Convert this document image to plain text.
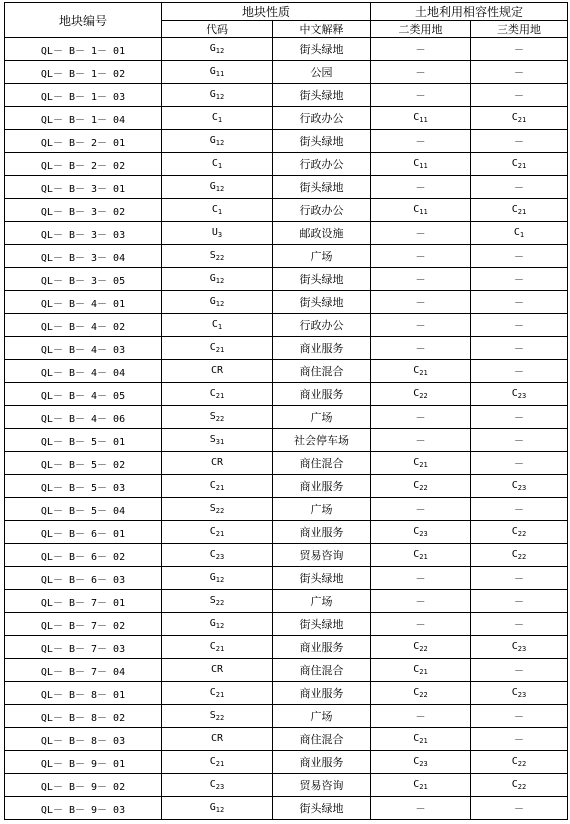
地块编号	地块性质		土地利用相容性规定	
	代码	中文解释	二类用地	三类用地
QL－ B－ 1－ 01	$G_{12}$	街头绿地	－	－
QL－ B－ 1－ 02	$G_{11}$	公园	－	－
QL－ B－ 1－ 03	$G_{12}$	街头绿地	－	－
QL－ B－ 1－ 04	$C_1$	行政办公	$C_{11}$	$C_{21}$
QL－ B－ 2－ 01	$G_{12}$	街头绿地	－	－
QL－ B－ 2－ 02	$C_1$	行政办公	$C_{11}$	$C_{21}$
QL－ B－ 3－ 01	$G_{12}$	街头绿地	－	－
QL－ B－ 3－ 02	$C_1$	行政办公	$C_{11}$	$C_{21}$
QL－ B－ 3－ 03	$U_3$	邮政设施	－	$C_1$
QL－ B－ 3－ 04	$S_{22}$	广场	－	－
QL－ B－ 3－ 05	$G_{12}$	街头绿地	－	－
QL－ B－ 4－ 01	$G_{12}$	街头绿地	－	－
QL－ B－ 4－ 02	$C_1$	行政办公	－	－
QL－ B－ 4－ 03	$C_{21}$	商业服务	－	－
QL－ B－ 4－ 04	CR	商住混合	$C_{21}$	－
QL－ B－ 4－ 05	$C_{21}$	商业服务	$C_{22}$	$C_{23}$
QL－ B－ 4－ 06	$S_{22}$	广场	－	－
QL－ B－ 5－ 01	$S_{31}$	社会停车场	－	－
QL－ B－ 5－ 02	CR	商住混合	$C_{21}$	－
QL－ B－ 5－ 03	$C_{21}$	商业服务	$C_{22}$	$C_{23}$
QL－ B－ 5－ 04	$S_{22}$	广场	－	－
QL－ B－ 6－ 01	$C_{21}$	商业服务	$C_{23}$	$C_{22}$
QL－ B－ 6－ 02	$C_{23}$	贸易咨询	$C_{21}$	$C_{22}$
QL－ B－ 6－ 03	$G_{12}$	街头绿地	－	－
QL－ B－ 7－ 01	$S_{22}$	广场	－	－
QL－ B－ 7－ 02	$G_{12}$	街头绿地	－	－
QL－ B－ 7－ 03	$C_{21}$	商业服务	$C_{22}$	$C_{23}$
QL－ B－ 7－ 04	CR	商住混合	$C_{21}$	－
QL－ B－ 8－ 01	$C_{21}$	商业服务	$C_{22}$	$C_{23}$
QL－ B－ 8－ 02	$S_{22}$	广场	－	－
QL－ B－ 8－ 03	CR	商住混合	$C_{21}$	－
QL－ B－ 9－ 01	$C_{21}$	商业服务	$C_{23}$	$C_{22}$
QL－ B－ 9－ 02	$C_{23}$	贸易咨询	$C_{21}$	$C_{22}$
QL－ B－ 9－ 03	$G_{12}$	街头绿地	－	－
